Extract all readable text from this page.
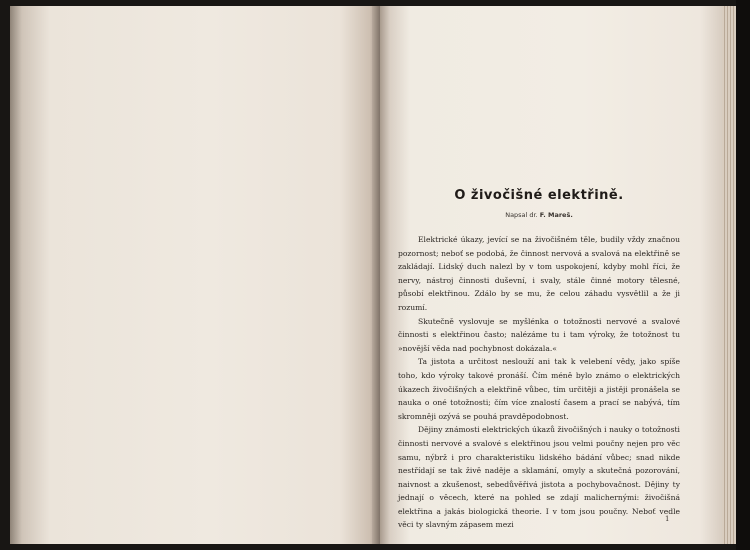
O živočišné elektřině.

Napsal dr. F. Mareš.

Elektrické úkazy, jevící se na živočišném těle, budily vždy značnou pozornost; neboť se podobá, že činnost nervová a svalová na elektřině se zakládají. Lidský duch nalezl by v tom uspokojení, kdyby mohl říci, že nervy, nástroj činnosti duševní, i svaly, stále činné motory tělesné, působí elektřinou. Zdálo by se mu, že celou záhadu vysvětlil a že ji rozumí.

Skutečně vyslovuje se myšlénka o totožnosti nervové a svalové činnosti s elektřinou často; nalézáme tu i tam výroky, že totožnost tu »novější věda nad pochybnost dokázala.«

Ta jistota a určitost neslouží ani tak k velebení vědy, jako spíše toho, kdo výroky takové pronáší. Čím méně bylo známo o elektrických úkazech živočišných a elektřině vůbec, tím určitěji a jistěji pronášela se nauka o oné totožnosti; čím více znalostí časem a prací se nabývá, tím skromněji ozývá se pouhá pravděpodobnost.

Dějiny známosti elektrických úkazů živočišných i nauky o totožnosti činnosti nervové a svalové s elektřinou jsou velmi poučny nejen pro věc samu, nýbrž i pro charakteristiku lidského bádání vůbec; snad nikde nestřídají se tak živě naděje a sklamání, omyly a skutečná pozorování, naivnost a zkušenost, sebedůvěřivá jistota a pochybovačnost. Dějiny ty jednají o věcech, které na pohled se zdají malichernými: živočišná elektřina a jakás biologická theorie. I v tom jsou poučny. Neboť vedle věci ty slavným zápasem mezi

1
